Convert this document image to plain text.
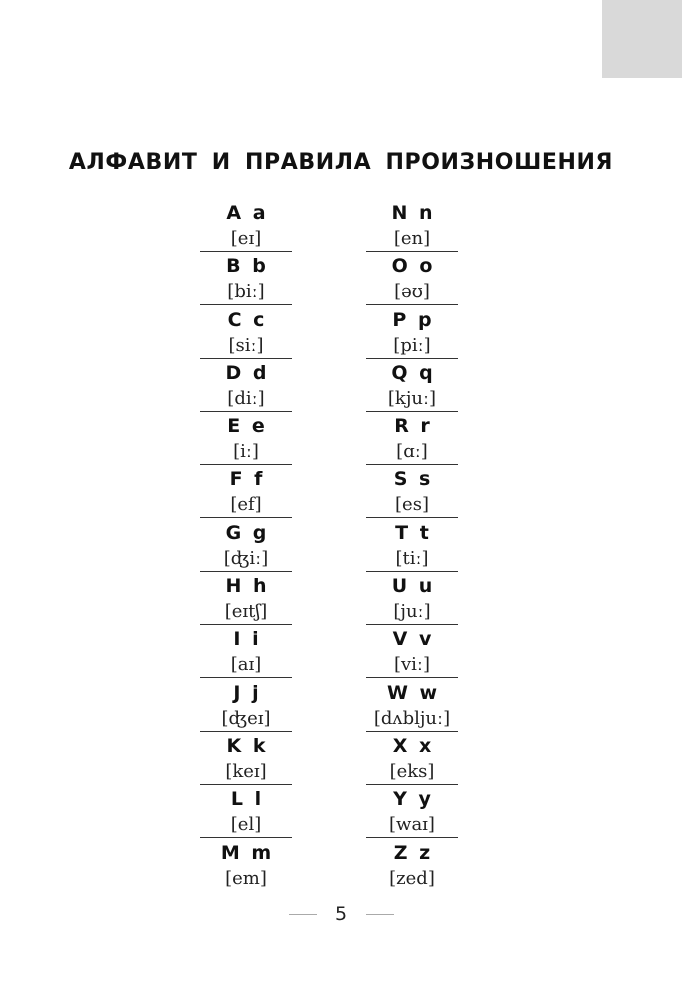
АЛФАВИТ И ПРАВИЛА ПРОИЗНОШЕНИЯ
A a
[eɪ]
B b
[biː]
C c
[siː]
D d
[diː]
E e
[iː]
F f
[ef]
G g
[ʤiː]
H h
[eɪtʃ]
I i
[aɪ]
J j
[ʤeɪ]
K k
[keɪ]
L l
[el]
M m
[em]
N n
[en]
O o
[əʊ]
P p
[piː]
Q q
[kjuː]
R r
[ɑː]
S s
[es]
T t
[tiː]
U u
[juː]
V v
[viː]
W w
[dʌbljuː]
X x
[eks]
Y y
[waɪ]
Z z
[zed]
5
